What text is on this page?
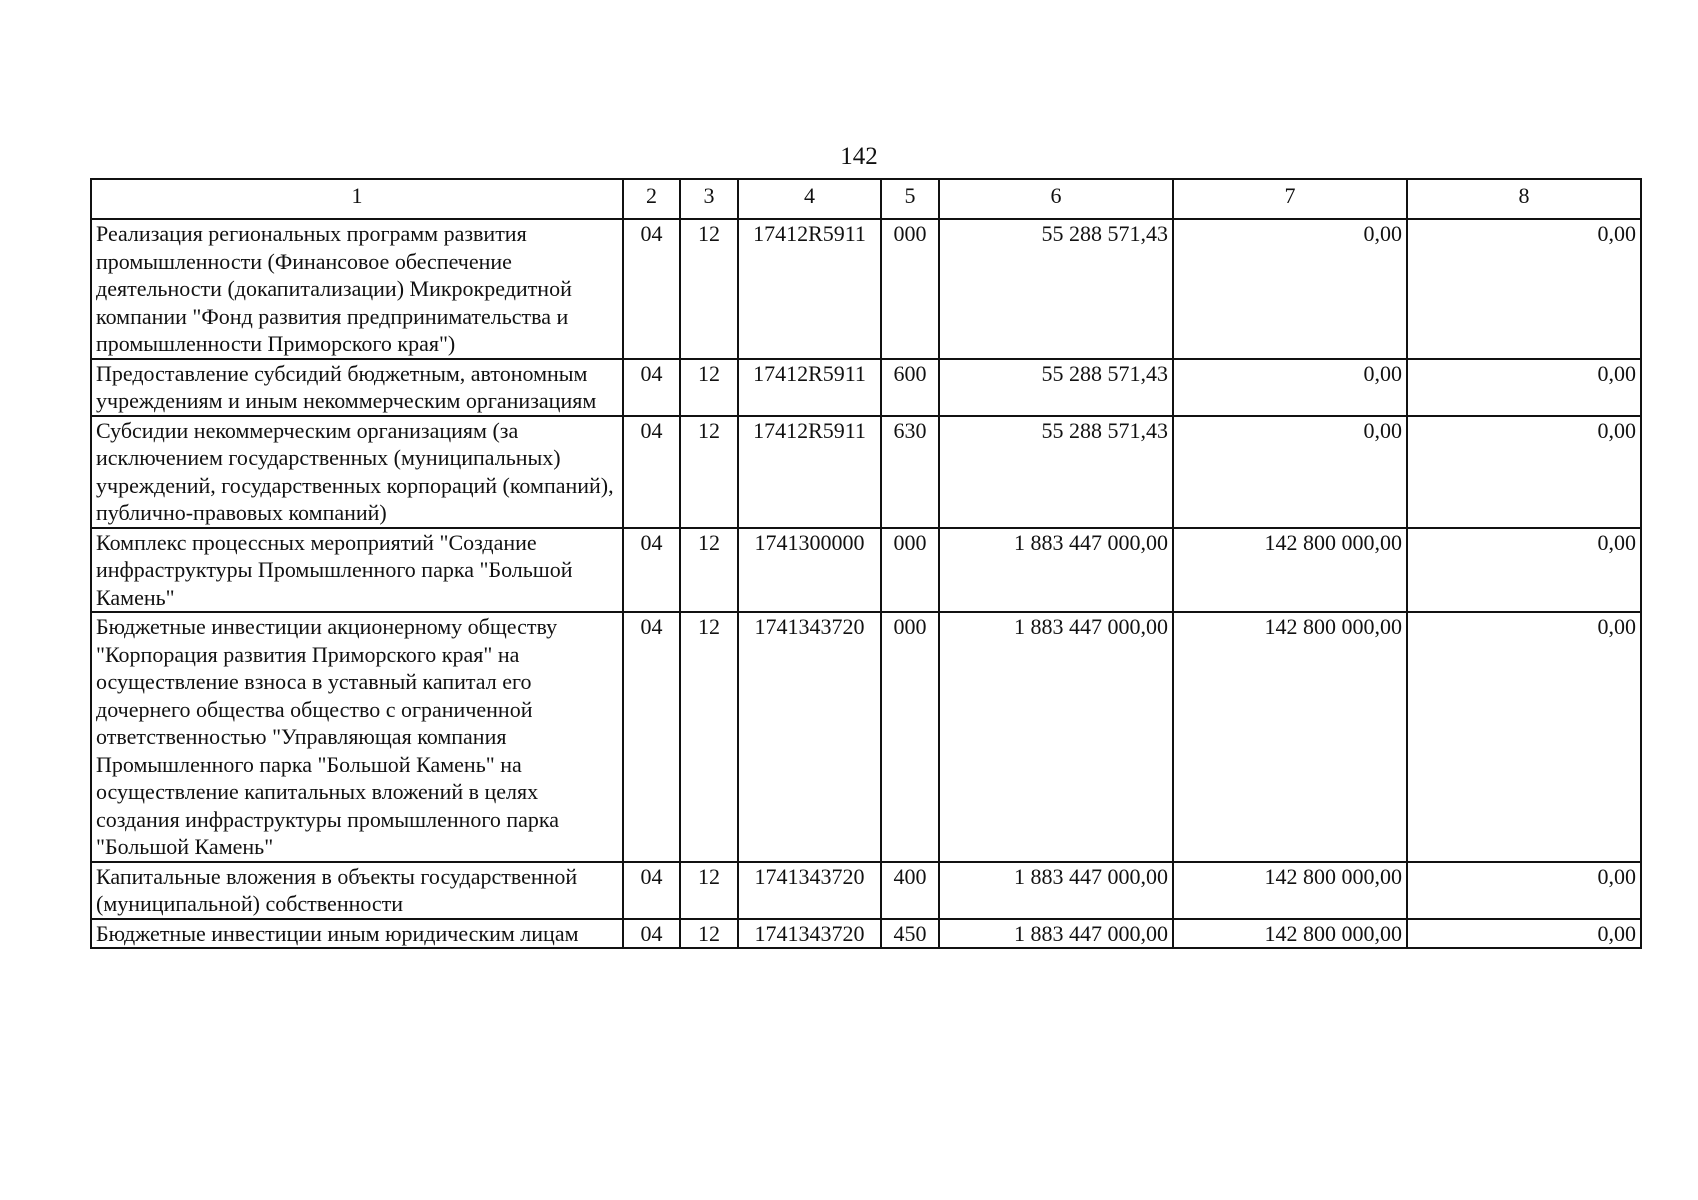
142
1	2	3	4	5	6	7	8
Реализация региональных программ развития промышленности (Финансовое обеспечение деятельности (докапитализации) Микрокредитной компании "Фонд развития предпринимательства и промышленности Приморского края")	04	12	17412R5911	000	55 288 571,43	0,00	0,00
Предоставление субсидий бюджетным, автономным учреждениям и иным некоммерческим организациям	04	12	17412R5911	600	55 288 571,43	0,00	0,00
Субсидии некоммерческим организациям (за исключением государственных (муниципальных) учреждений, государственных корпораций (компаний), публично-правовых компаний)	04	12	17412R5911	630	55 288 571,43	0,00	0,00
Комплекс процессных мероприятий "Создание инфраструктуры Промышленного парка "Большой Камень"	04	12	1741300000	000	1 883 447 000,00	142 800 000,00	0,00
Бюджетные инвестиции акционерному обществу "Корпорация развития Приморского края" на осуществление взноса в уставный капитал его дочернего общества общество с ограниченной ответственностью "Управляющая компания Промышленного парка "Большой Камень" на осуществление капитальных вложений в целях создания инфраструктуры промышленного парка "Большой Камень"	04	12	1741343720	000	1 883 447 000,00	142 800 000,00	0,00
Капитальные вложения в объекты государственной (муниципальной) собственности	04	12	1741343720	400	1 883 447 000,00	142 800 000,00	0,00
Бюджетные инвестиции иным юридическим лицам	04	12	1741343720	450	1 883 447 000,00	142 800 000,00	0,00
